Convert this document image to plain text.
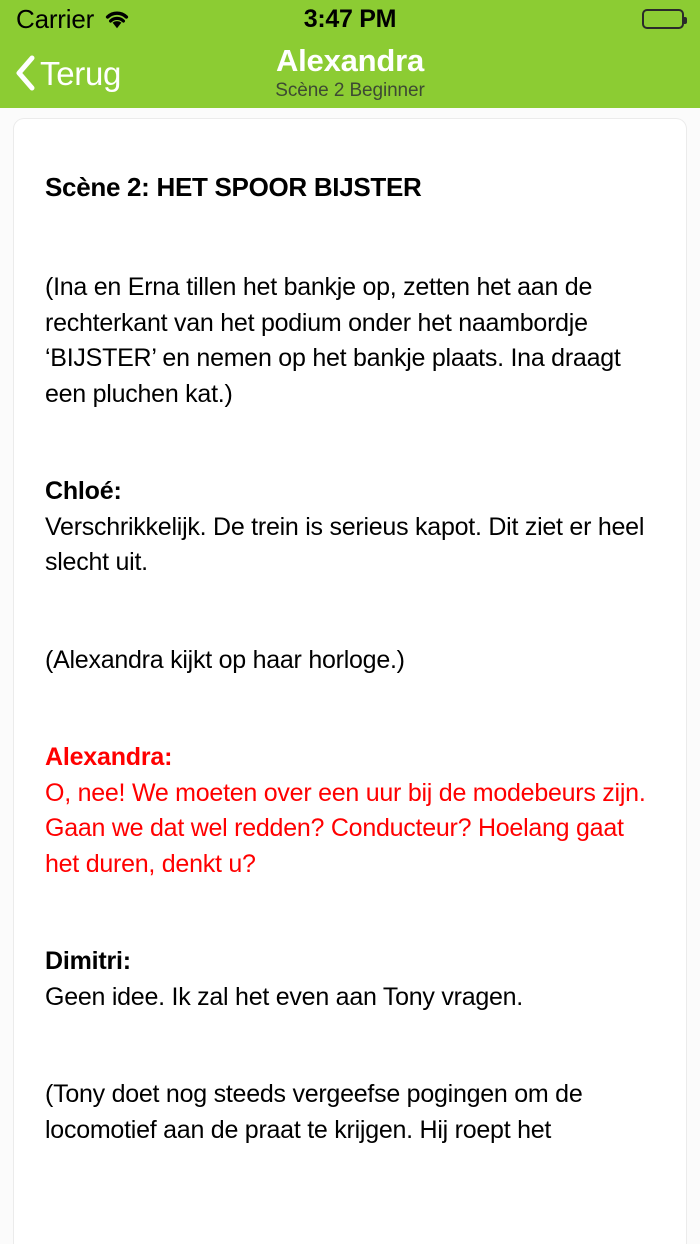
Carrier	3:47 PM
Terug	Alexandra
Scène 2 Beginner
Scène 2: HET SPOOR BIJSTER
(Ina en Erna tillen het bankje op, zetten het aan de rechterkant van het podium onder het naambordje ‘BIJSTER’ en nemen op het bankje plaats. Ina draagt een pluchen kat.)
Chloé:
Verschrikkelijk. De trein is serieus kapot. Dit ziet er heel slecht uit.
(Alexandra kijkt op haar horloge.)
Alexandra:
O, nee! We moeten over een uur bij de modebeurs zijn. Gaan we dat wel redden? Conducteur? Hoelang gaat het duren, denkt u?
Dimitri:
Geen idee. Ik zal het even aan Tony vragen.
(Tony doet nog steeds vergeefse pogingen om de locomotief aan de praat te krijgen. Hij roept het
